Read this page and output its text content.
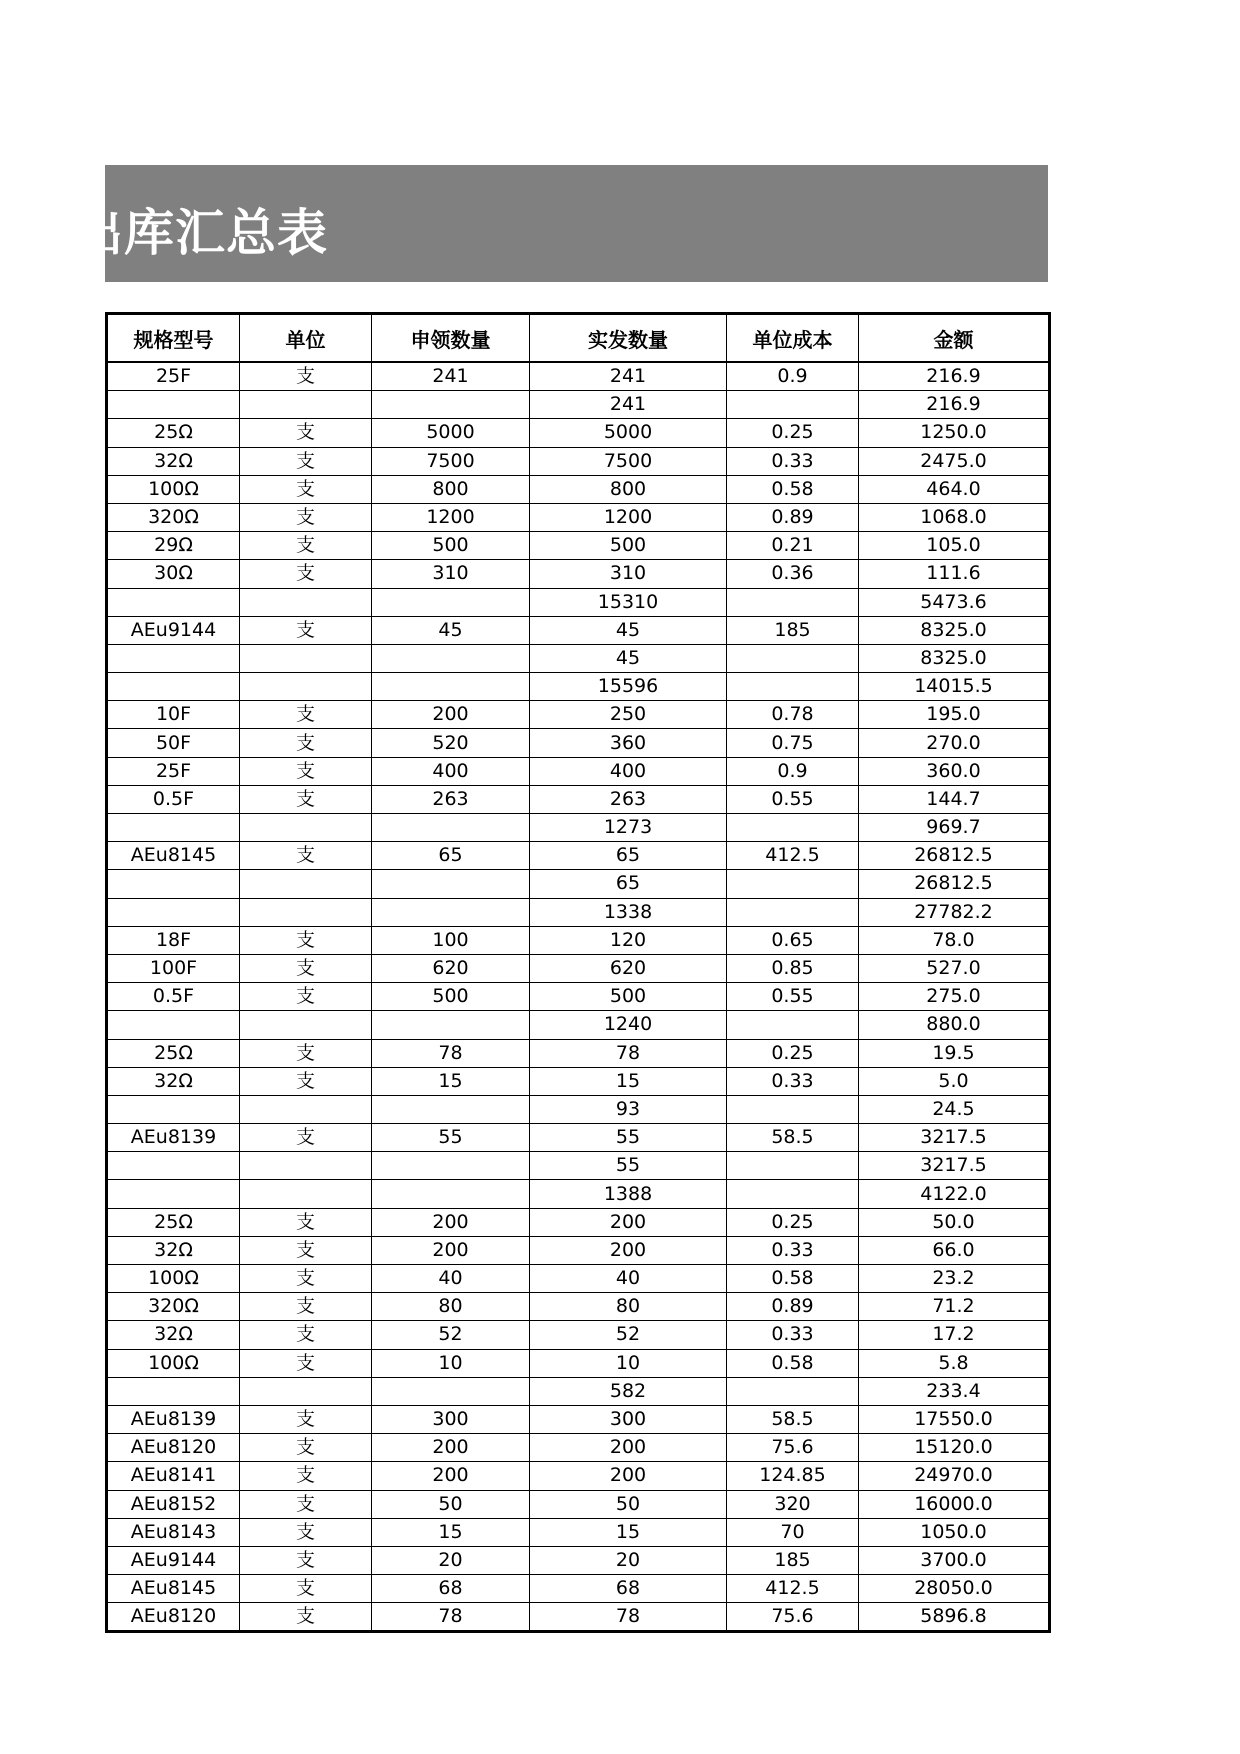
出库汇总表
规格型号	单位	申领数量	实发数量	单位成本	金额
25F	支	241	241	0.9	216.9
			241		216.9
25Ω	支	5000	5000	0.25	1250.0
32Ω	支	7500	7500	0.33	2475.0
100Ω	支	800	800	0.58	464.0
320Ω	支	1200	1200	0.89	1068.0
29Ω	支	500	500	0.21	105.0
30Ω	支	310	310	0.36	111.6
			15310		5473.6
AEu9144	支	45	45	185	8325.0
			45		8325.0
			15596		14015.5
10F	支	200	250	0.78	195.0
50F	支	520	360	0.75	270.0
25F	支	400	400	0.9	360.0
0.5F	支	263	263	0.55	144.7
			1273		969.7
AEu8145	支	65	65	412.5	26812.5
			65		26812.5
			1338		27782.2
18F	支	100	120	0.65	78.0
100F	支	620	620	0.85	527.0
0.5F	支	500	500	0.55	275.0
			1240		880.0
25Ω	支	78	78	0.25	19.5
32Ω	支	15	15	0.33	5.0
			93		24.5
AEu8139	支	55	55	58.5	3217.5
			55		3217.5
			1388		4122.0
25Ω	支	200	200	0.25	50.0
32Ω	支	200	200	0.33	66.0
100Ω	支	40	40	0.58	23.2
320Ω	支	80	80	0.89	71.2
32Ω	支	52	52	0.33	17.2
100Ω	支	10	10	0.58	5.8
			582		233.4
AEu8139	支	300	300	58.5	17550.0
AEu8120	支	200	200	75.6	15120.0
AEu8141	支	200	200	124.85	24970.0
AEu8152	支	50	50	320	16000.0
AEu8143	支	15	15	70	1050.0
AEu9144	支	20	20	185	3700.0
AEu8145	支	68	68	412.5	28050.0
AEu8120	支	78	78	75.6	5896.8
